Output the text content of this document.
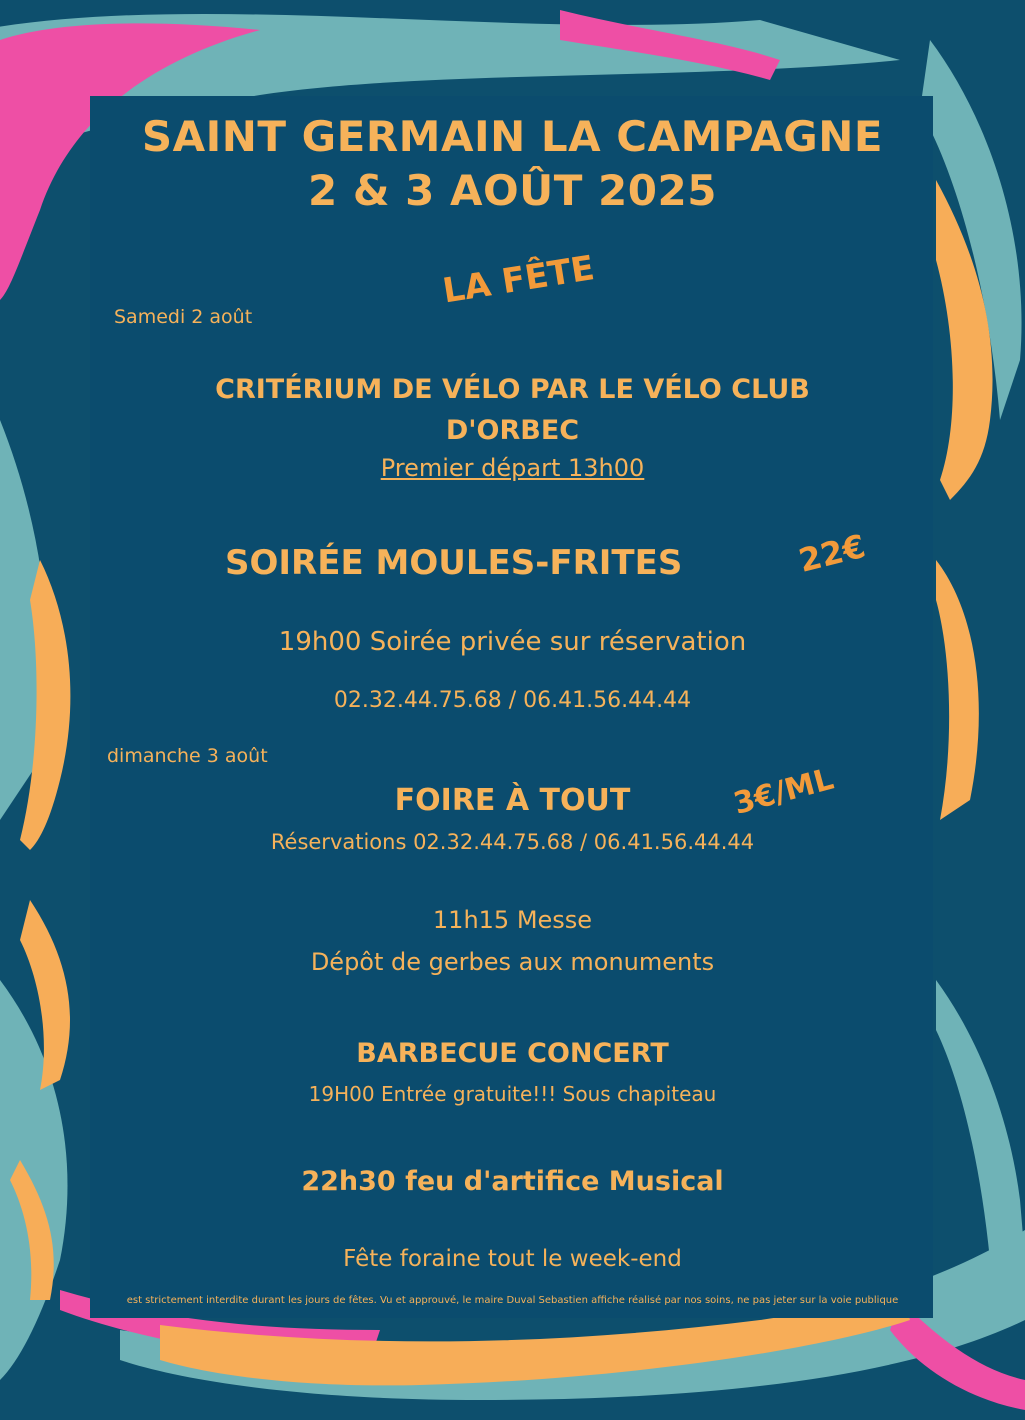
SAINT GERMAIN LA CAMPAGNE
2 & 3 AOÛT 2025
LA FÊTE
Samedi 2 août
CRITÉRIUM DE VÉLO PAR LE VÉLO CLUB
D'ORBEC
Premier départ 13h00
SOIRÉE MOULES-FRITES	22€
19h00 Soirée privée sur réservation
02.32.44.75.68 / 06.41.56.44.44
dimanche 3 août
FOIRE À TOUT	3€/ML
Réservations 02.32.44.75.68 / 06.41.56.44.44
11h15 Messe
Dépôt de gerbes aux monuments
BARBECUE CONCERT
19H00 Entrée gratuite!!! Sous chapiteau
22h30 feu d'artifice Musical
Fête foraine tout le week-end
est strictement interdite durant les jours de fêtes. Vu et approuvé, le maire Duval Sebastien affiche réalisé par nos soins, ne pas jeter sur la voie publique
